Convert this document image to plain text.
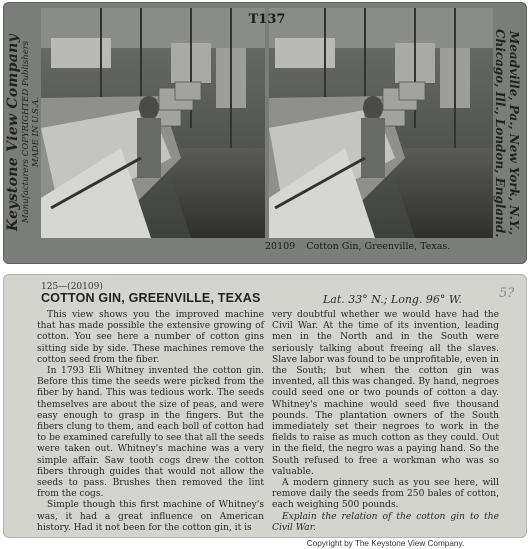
Keystone View Company Manufacturers COPYRIGHTED Publishers MADE IN U.S.A.	Meadville, Pa., New York, N.Y.,
Chicago, Ill., London, England.
T137
20109 Cotton Gin, Greenville, Texas.
125—(20109)
COTTON GIN, GREENVILLE, TEXAS	Lat. 33° N.; Long. 96° W.	5?

This view shows you the improved machine that has made possible the extensive growing of cotton. You see here a number of cotton gins sitting side by side. These machines remove the cotton seed from the fiber.

In 1793 Eli Whitney invented the cotton gin. Before this time the seeds were picked from the fiber by hand. This was tedious work. The seeds themselves are about the size of peas, and were easy enough to grasp in the fingers. But the fibers clung to them, and each boll of cotton had to be examined carefully to see that all the seeds were taken out. Whitney's machine was a very simple affair. Saw tooth cogs drew the cotton fibers through guides that would not allow the seeds to pass. Brushes then removed the lint from the cogs.

Simple though this first machine of Whitney's was, it had a great influence on American history. Had it not been for the cotton gin, it is

very doubtful whether we would have had the Civil War. At the time of its invention, leading men in the North and in the South were seriously talking about freeing all the slaves. Slave labor was found to be unprofitable, even in the South; but when the cotton gin was invented, all this was changed. By hand, negroes could seed one or two pounds of cotton a day. Whitney's machine would seed five thousand pounds. The plantation owners of the South immediately set their negroes to work in the fields to raise as much cotton as they could. Out in the field, the negro was a paying hand. So the South refused to free a workman who was so valuable.

A modern ginnery such as you see here, will remove daily the seeds from 250 bales of cotton, each weighing 500 pounds.

Explain the relation of the cotton gin to the Civil War.

Copyright by The Keystone View Company.
